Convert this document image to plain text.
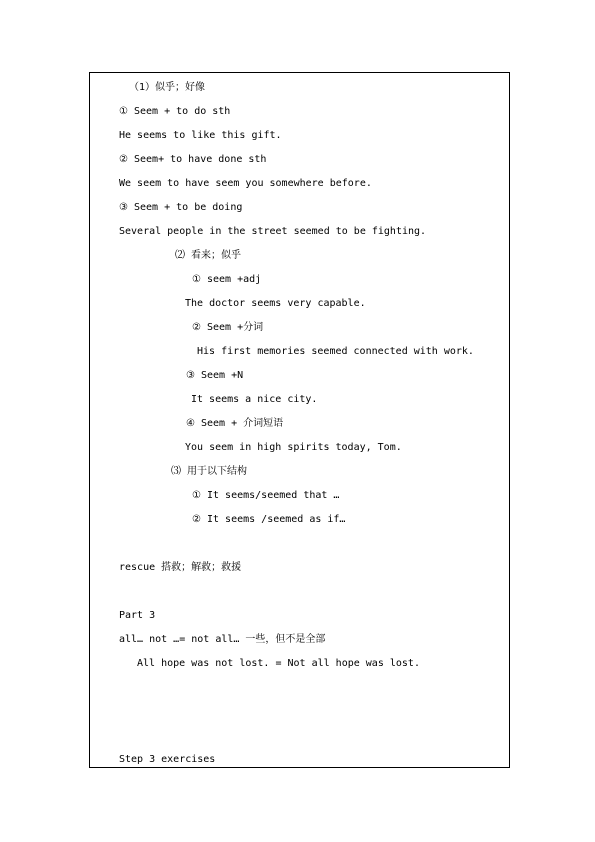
（1）似乎；好像
① Seem + to do sth
He seems to like this gift.
② Seem+ to have done sth
We seem to have seem you somewhere before.
③ Seem + to be doing
Several people in the street seemed to be fighting.
⑵ 看来；似乎
① seem +adj
The doctor seems very capable.
② Seem +分词
His first memories seemed connected with work.
③ Seem +N
It seems a nice city.
④ Seem + 介词短语
You seem in high spirits today, Tom.
⑶ 用于以下结构
① It seems/seemed that …
② It seems /seemed as if…
rescue 搭救；解救；救援
Part 3
all… not …= not all… 一些，但不是全部
All hope was not lost. = Not all hope was lost.
Step 3 exercises
